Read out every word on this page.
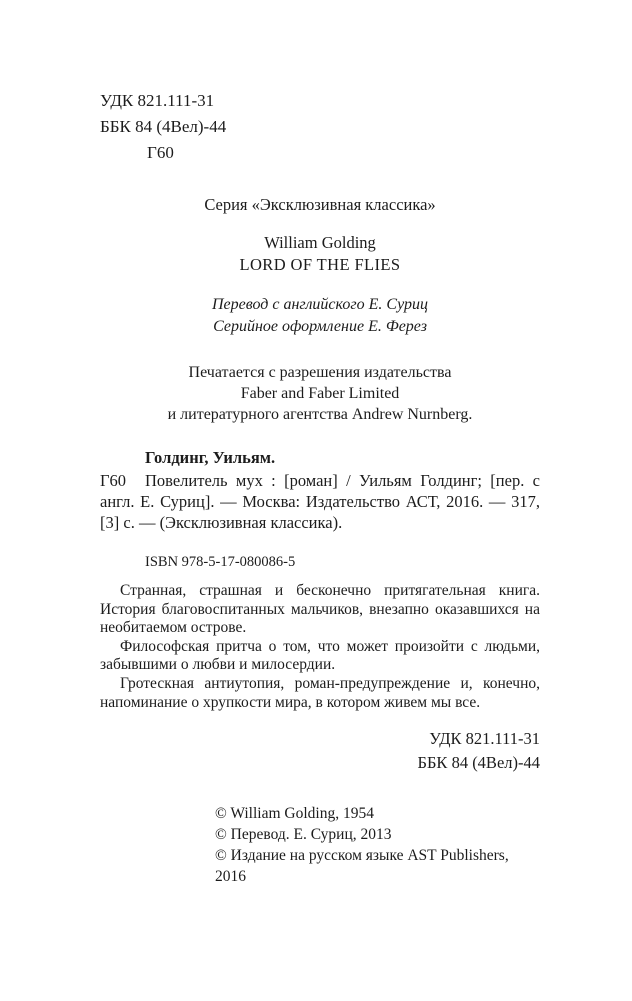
УДК 821.111-31
ББК 84 (4Вел)-44
Г60
Серия «Эксклюзивная классика»
William Golding
LORD OF THE FLIES
Перевод с английского Е. Суриц
Серийное оформление Е. Ферез
Печатается с разрешения издательства
Faber and Faber Limited
и литературного агентства Andrew Nurnberg.
Голдинг, Уильям.
Г60	Повелитель мух : [роман] / Уильям Голдинг; [пер. с англ. Е. Суриц]. — Москва: Издательство АСТ, 2016. — 317, [3] с. — (Эксклюзивная классика).
ISBN 978-5-17-080086-5

Странная, страшная и бесконечно притягательная книга. История благовоспитанных мальчиков, внезапно оказавшихся на необитаемом острове.

Философская притча о том, что может произойти с людьми, забывшими о любви и милосердии.

Гротескная антиутопия, роман-предупреждение и, конечно, напоминание о хрупкости мира, в котором живем мы все.

УДК 821.111-31
ББК 84 (4Вел)-44
© William Golding, 1954
© Перевод. Е. Суриц, 2013
© Издание на русском языке AST Publishers, 2016
